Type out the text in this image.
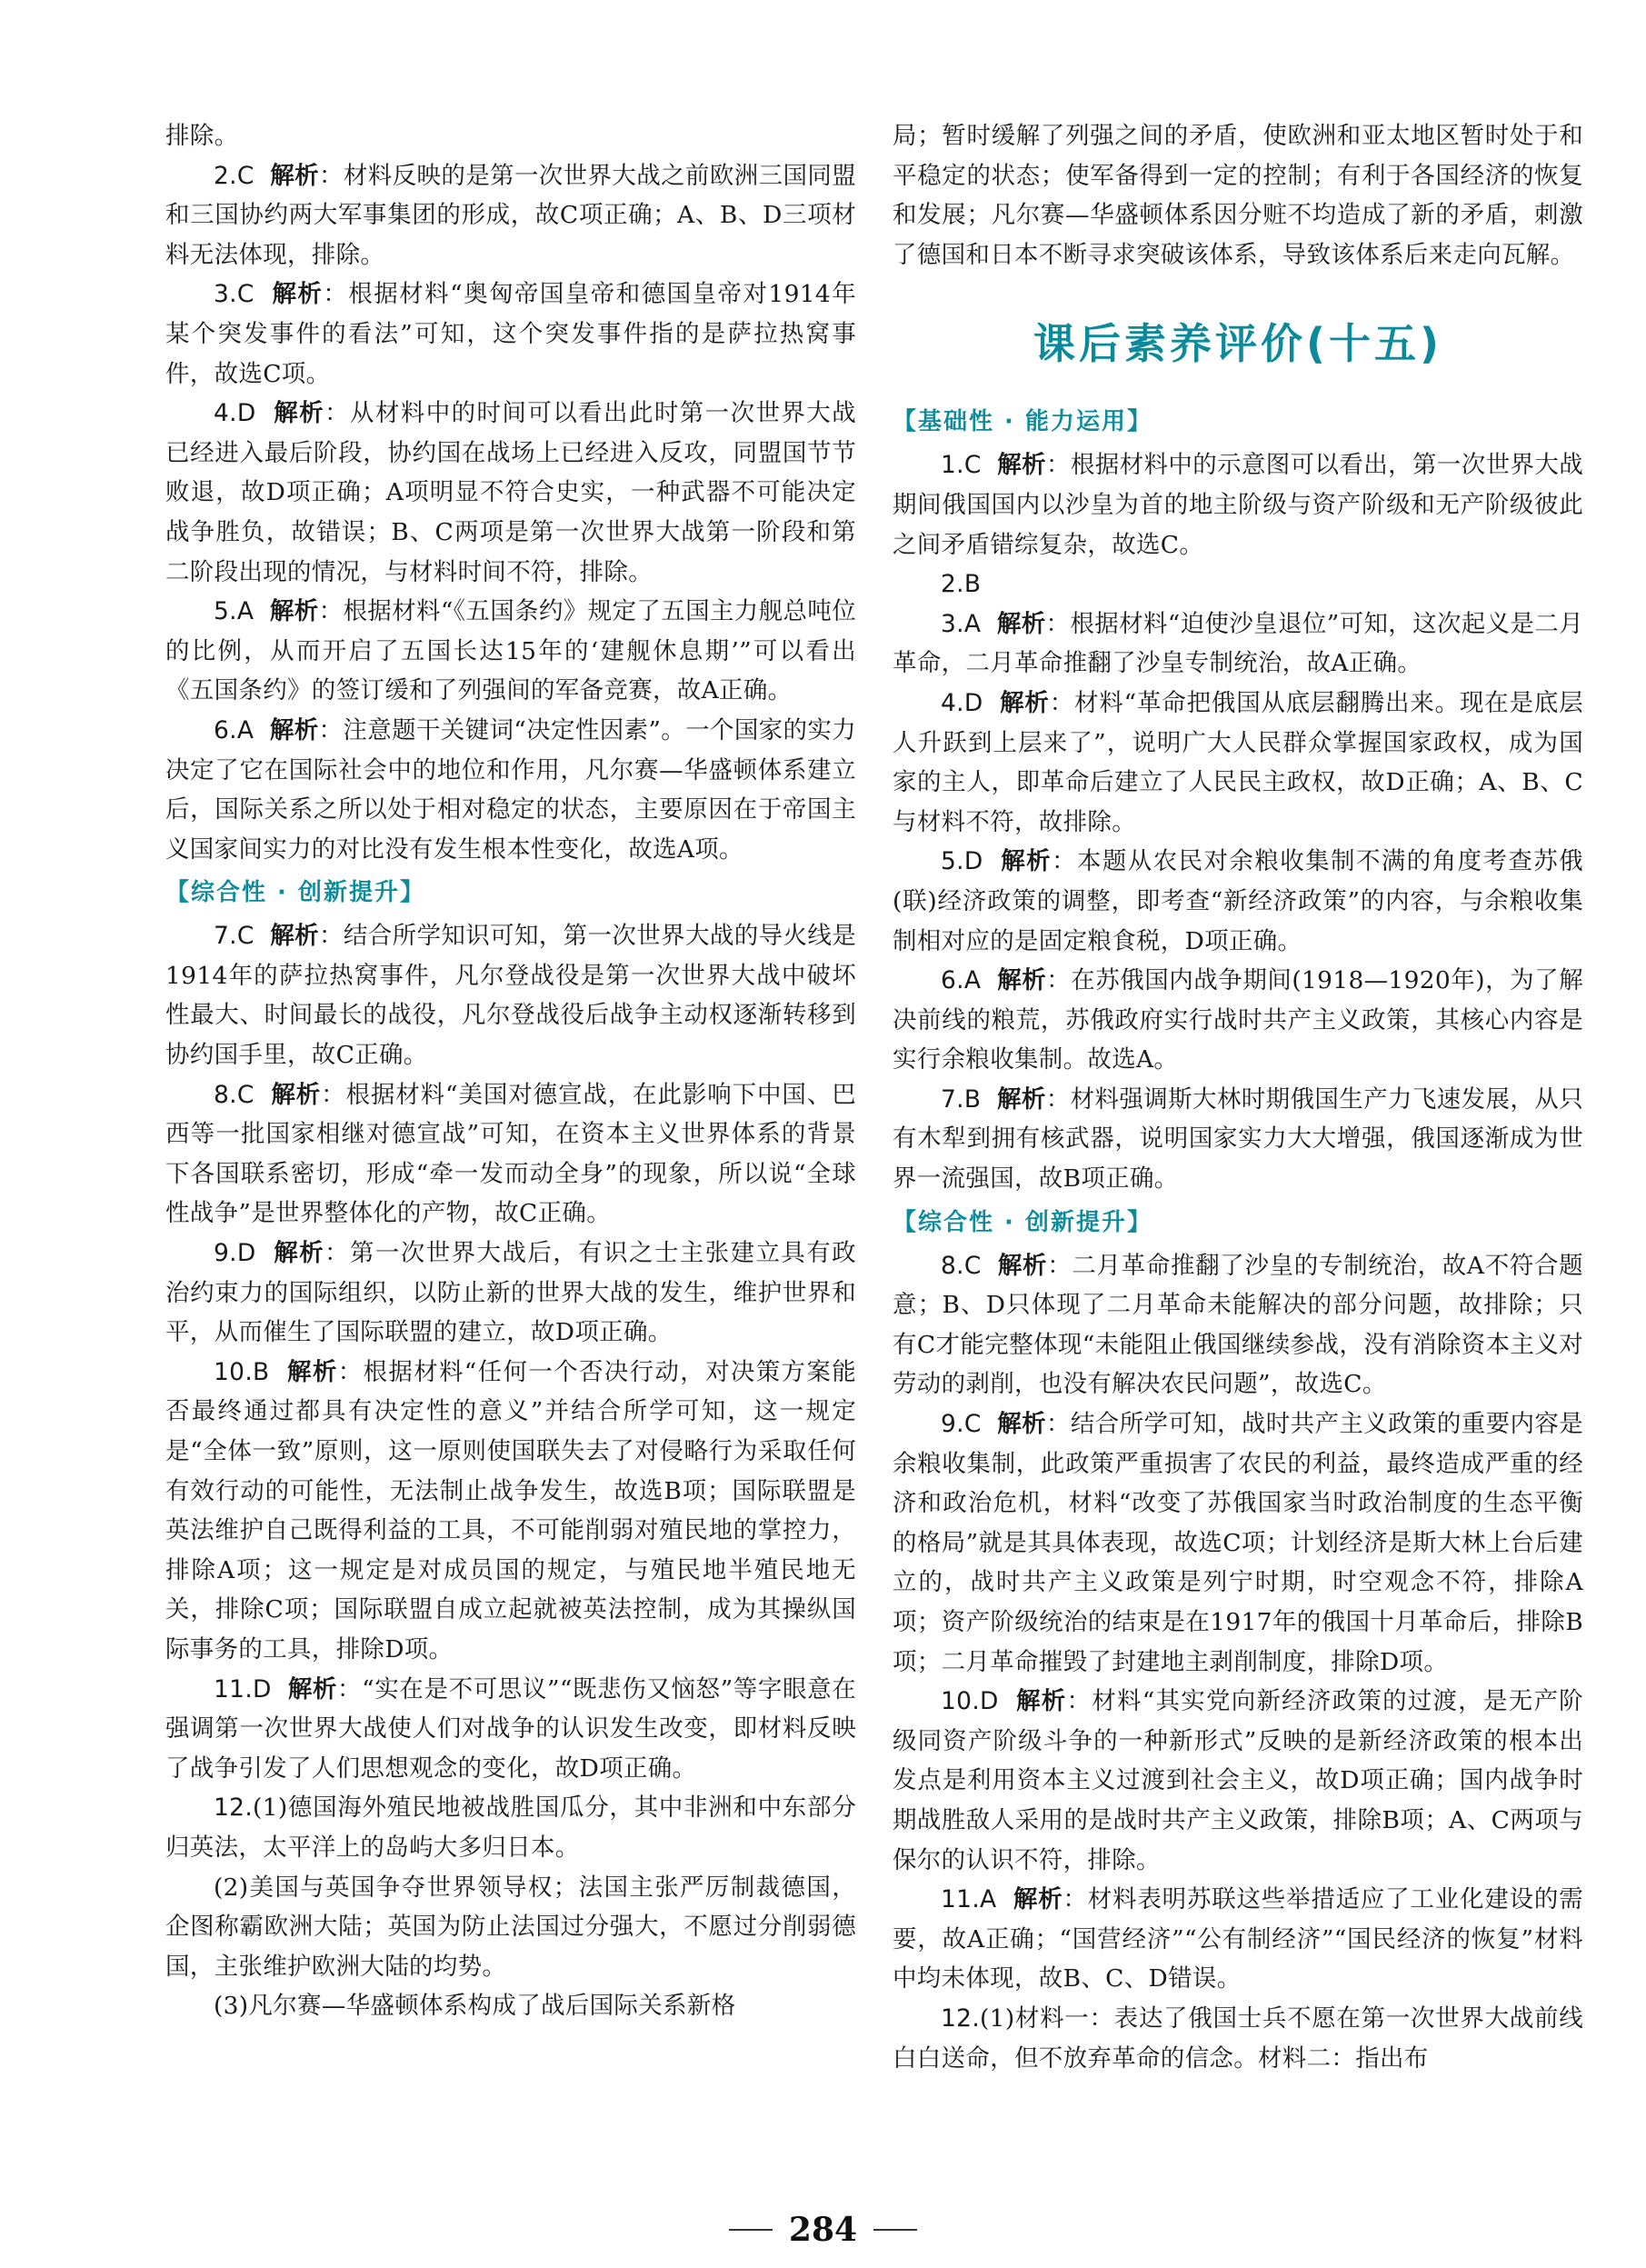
排除。

2.C 解析：材料反映的是第一次世界大战之前欧洲三国同盟和三国协约两大军事集团的形成，故C项正确；A、B、D三项材料无法体现，排除。

3.C 解析：根据材料“奥匈帝国皇帝和德国皇帝对1914年某个突发事件的看法”可知，这个突发事件指的是萨拉热窝事件，故选C项。

4.D 解析：从材料中的时间可以看出此时第一次世界大战已经进入最后阶段，协约国在战场上已经进入反攻，同盟国节节败退，故D项正确；A项明显不符合史实，一种武器不可能决定战争胜负，故错误；B、C两项是第一次世界大战第一阶段和第二阶段出现的情况，与材料时间不符，排除。

5.A 解析：根据材料“《五国条约》规定了五国主力舰总吨位的比例，从而开启了五国长达15年的‘建舰休息期’”可以看出《五国条约》的签订缓和了列强间的军备竞赛，故A正确。

6.A 解析：注意题干关键词“决定性因素”。一个国家的实力决定了它在国际社会中的地位和作用，凡尔赛—华盛顿体系建立后，国际关系之所以处于相对稳定的状态，主要原因在于帝国主义国家间实力的对比没有发生根本性变化，故选A项。

【综合性 · 创新提升】

7.C 解析：结合所学知识可知，第一次世界大战的导火线是1914年的萨拉热窝事件，凡尔登战役是第一次世界大战中破坏性最大、时间最长的战役，凡尔登战役后战争主动权逐渐转移到协约国手里，故C正确。

8.C 解析：根据材料“美国对德宣战，在此影响下中国、巴西等一批国家相继对德宣战”可知，在资本主义世界体系的背景下各国联系密切，形成“牵一发而动全身”的现象，所以说“全球性战争”是世界整体化的产物，故C正确。

9.D 解析：第一次世界大战后，有识之士主张建立具有政治约束力的国际组织，以防止新的世界大战的发生，维护世界和平，从而催生了国际联盟的建立，故D项正确。

10.B 解析：根据材料“任何一个否决行动，对决策方案能否最终通过都具有决定性的意义”并结合所学可知，这一规定是“全体一致”原则，这一原则使国联失去了对侵略行为采取任何有效行动的可能性，无法制止战争发生，故选B项；国际联盟是英法维护自己既得利益的工具，不可能削弱对殖民地的掌控力，排除A项；这一规定是对成员国的规定，与殖民地半殖民地无关，排除C项；国际联盟自成立起就被英法控制，成为其操纵国际事务的工具，排除D项。

11.D 解析：“实在是不可思议”“既悲伤又恼怒”等字眼意在强调第一次世界大战使人们对战争的认识发生改变，即材料反映了战争引发了人们思想观念的变化，故D项正确。

12.(1)德国海外殖民地被战胜国瓜分，其中非洲和中东部分归英法，太平洋上的岛屿大多归日本。

(2)美国与英国争夺世界领导权；法国主张严厉制裁德国，企图称霸欧洲大陆；英国为防止法国过分强大，不愿过分削弱德国，主张维护欧洲大陆的均势。

(3)凡尔赛—华盛顿体系构成了战后国际关系新格

局；暂时缓解了列强之间的矛盾，使欧洲和亚太地区暂时处于和平稳定的状态；使军备得到一定的控制；有利于各国经济的恢复和发展；凡尔赛—华盛顿体系因分赃不均造成了新的矛盾，刺激了德国和日本不断寻求突破该体系，导致该体系后来走向瓦解。

课后素养评价(十五)
【基础性 · 能力运用】

1.C 解析：根据材料中的示意图可以看出，第一次世界大战期间俄国国内以沙皇为首的地主阶级与资产阶级和无产阶级彼此之间矛盾错综复杂，故选C。

2.B

3.A 解析：根据材料“迫使沙皇退位”可知，这次起义是二月革命，二月革命推翻了沙皇专制统治，故A正确。

4.D 解析：材料“革命把俄国从底层翻腾出来。现在是底层人升跃到上层来了”，说明广大人民群众掌握国家政权，成为国家的主人，即革命后建立了人民民主政权，故D正确；A、B、C与材料不符，故排除。

5.D 解析：本题从农民对余粮收集制不满的角度考查苏俄(联)经济政策的调整，即考查“新经济政策”的内容，与余粮收集制相对应的是固定粮食税，D项正确。

6.A 解析：在苏俄国内战争期间(1918—1920年)，为了解决前线的粮荒，苏俄政府实行战时共产主义政策，其核心内容是实行余粮收集制。故选A。

7.B 解析：材料强调斯大林时期俄国生产力飞速发展，从只有木犁到拥有核武器，说明国家实力大大增强，俄国逐渐成为世界一流强国，故B项正确。

【综合性 · 创新提升】

8.C 解析：二月革命推翻了沙皇的专制统治，故A不符合题意；B、D只体现了二月革命未能解决的部分问题，故排除；只有C才能完整体现“未能阻止俄国继续参战，没有消除资本主义对劳动的剥削，也没有解决农民问题”，故选C。

9.C 解析：结合所学可知，战时共产主义政策的重要内容是余粮收集制，此政策严重损害了农民的利益，最终造成严重的经济和政治危机，材料“改变了苏俄国家当时政治制度的生态平衡的格局”就是其具体表现，故选C项；计划经济是斯大林上台后建立的，战时共产主义政策是列宁时期，时空观念不符，排除A项；资产阶级统治的结束是在1917年的俄国十月革命后，排除B项；二月革命摧毁了封建地主剥削制度，排除D项。

10.D 解析：材料“其实党向新经济政策的过渡，是无产阶级同资产阶级斗争的一种新形式”反映的是新经济政策的根本出发点是利用资本主义过渡到社会主义，故D项正确；国内战争时期战胜敌人采用的是战时共产主义政策，排除B项；A、C两项与保尔的认识不符，排除。

11.A 解析：材料表明苏联这些举措适应了工业化建设的需要，故A正确；“国营经济”“公有制经济”“国民经济的恢复”材料中均未体现，故B、C、D错误。

12.(1)材料一：表达了俄国士兵不愿在第一次世界大战前线白白送命，但不放弃革命的信念。材料二：指出布

284
